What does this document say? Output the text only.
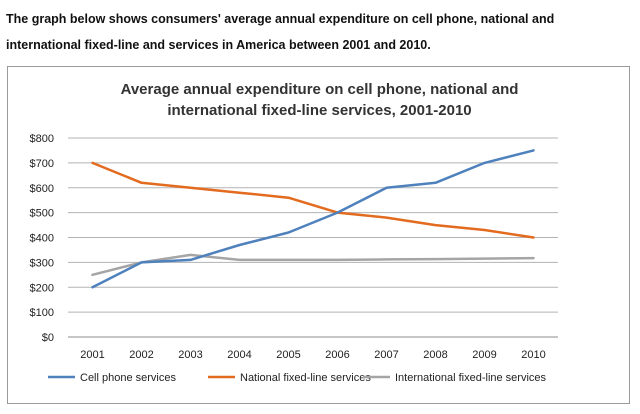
The graph below shows consumers' average annual expenditure on cell phone, national and
international fixed-line and services in America between 2001 and 2010.
Average annual expenditure on cell phone, national and
international fixed-line services, 2001-2010
$0
$100
$200
$300
$400
$500
$600
$700
$800
2001 2002 2003 2004 2005 2006 2007 2008 2009 2010
Cell phone services	National fixed-line services International fixed-line services
